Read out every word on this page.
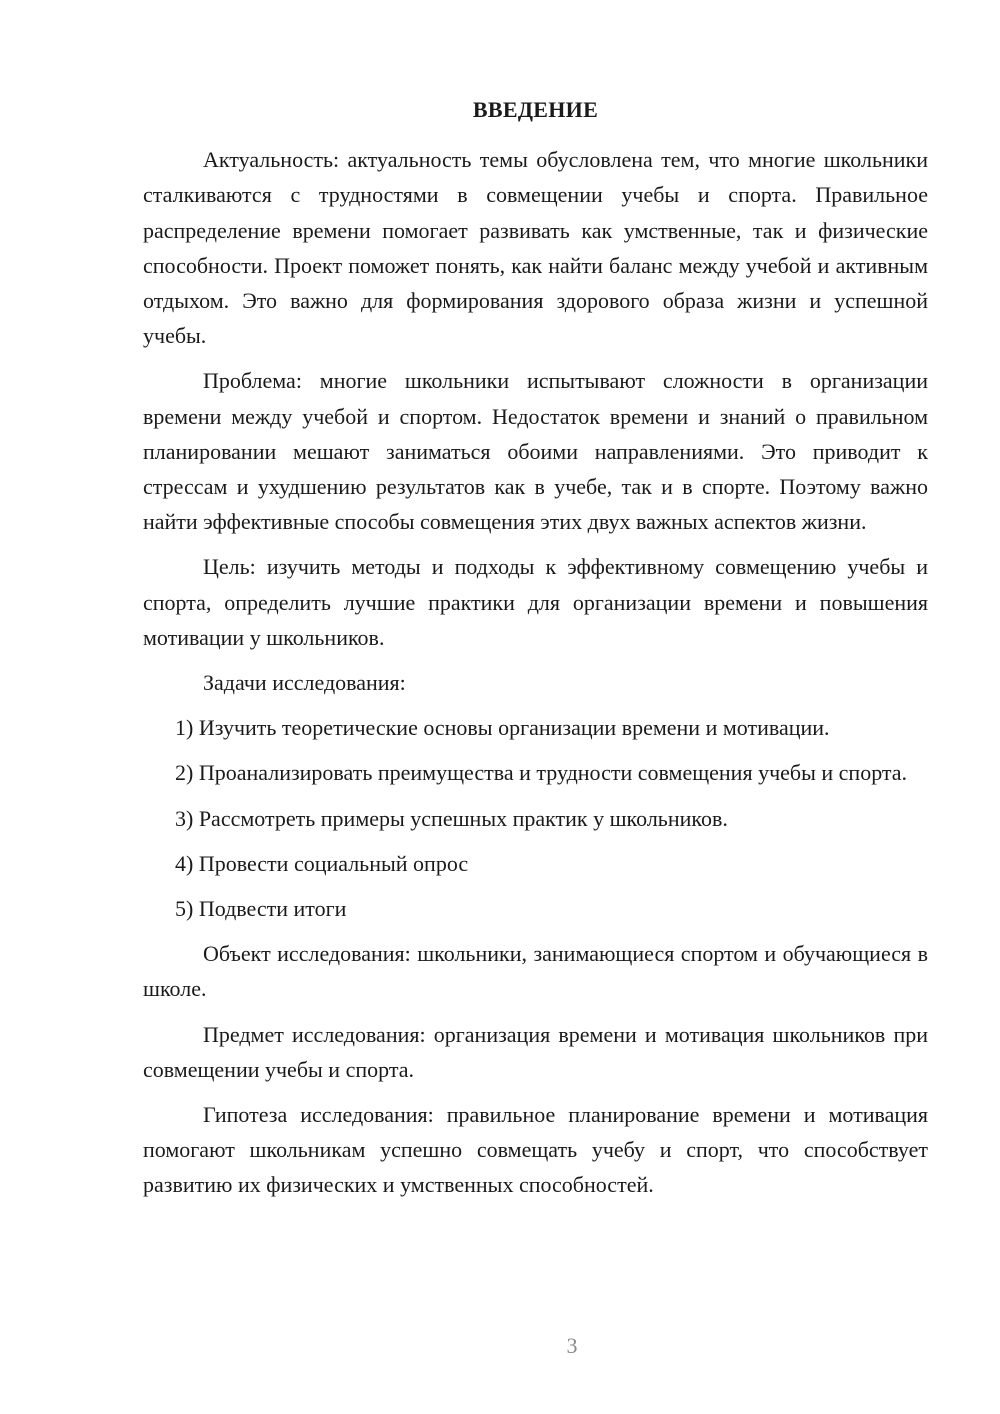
ВВЕДЕНИЕ

Актуальность: актуальность темы обусловлена тем, что многие школьники сталкиваются с трудностями в совмещении учебы и спорта. Правильное распределение времени помогает развивать как умственные, так и физические способности. Проект поможет понять, как найти баланс между учебой и активным отдыхом. Это важно для формирования здорового образа жизни и успешной учебы.

Проблема: многие школьники испытывают сложности в организации времени между учебой и спортом. Недостаток времени и знаний о правильном планировании мешают заниматься обоими направлениями. Это приводит к стрессам и ухудшению результатов как в учебе, так и в спорте. Поэтому важно найти эффективные способы совмещения этих двух важных аспектов жизни.

Цель: изучить методы и подходы к эффективному совмещению учебы и спорта, определить лучшие практики для организации времени и повышения мотивации у школьников.

Задачи исследования:

1) Изучить теоретические основы организации времени и мотивации.

2) Проанализировать преимущества и трудности совмещения учебы и спорта.

3) Рассмотреть примеры успешных практик у школьников.

4) Провести социальный опрос

5) Подвести итоги

Объект исследования: школьники, занимающиеся спортом и обучающиеся в школе.

Предмет исследования: организация времени и мотивация школьников при совмещении учебы и спорта.

Гипотеза исследования: правильное планирование времени и мотивация помогают школьникам успешно совмещать учебу и спорт, что способствует развитию их физических и умственных способностей.

3
